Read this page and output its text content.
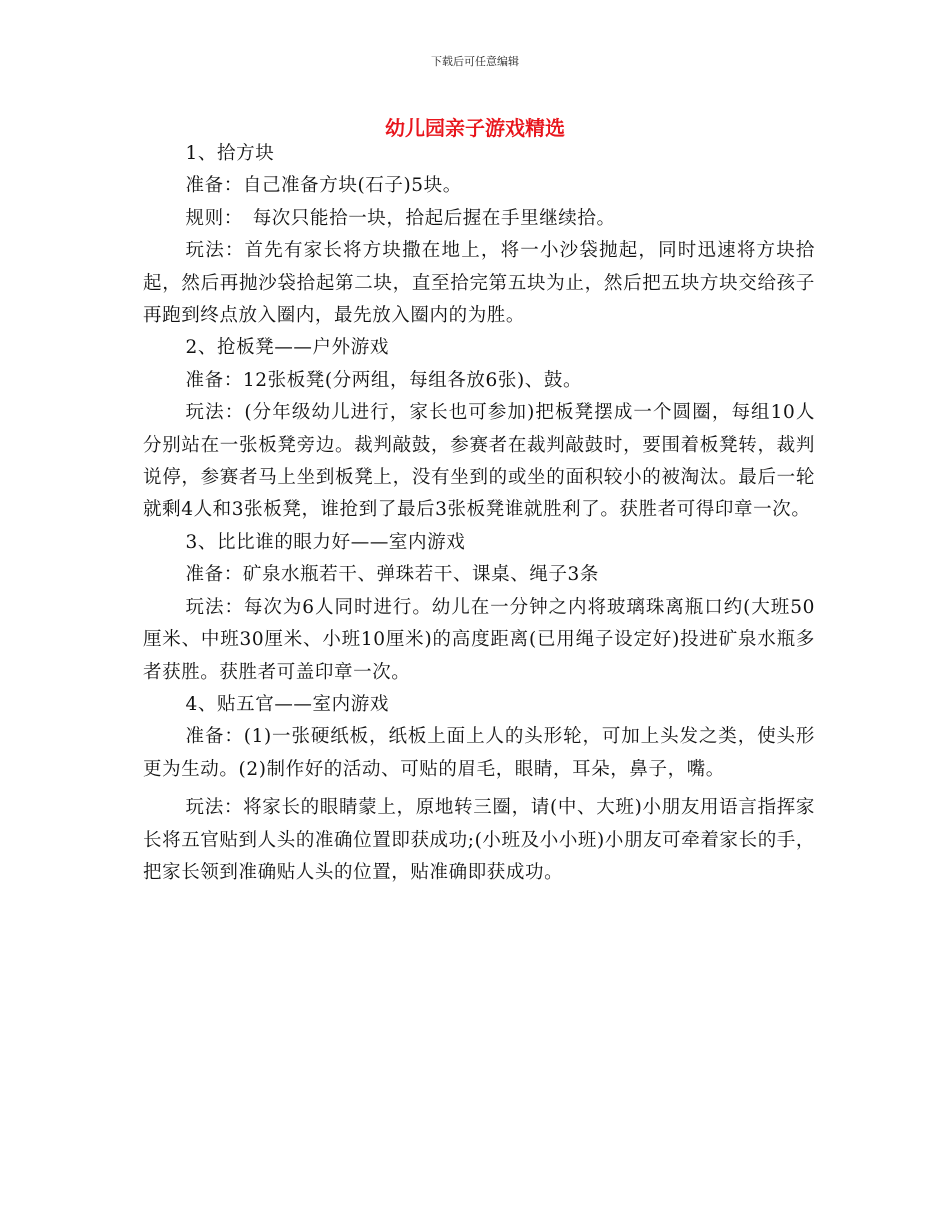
下载后可任意编辑
幼儿园亲子游戏精选

1、拾方块

准备：自己准备方块(石子)5块。

规则：　每次只能拾一块，拾起后握在手里继续拾。

玩法：首先有家长将方块撒在地上，将一小沙袋抛起，同时迅速将方块拾起，然后再抛沙袋拾起第二块，直至拾完第五块为止，然后把五块方块交给孩子再跑到终点放入圈内，最先放入圈内的为胜。

2、抢板凳——户外游戏

准备：12张板凳(分两组，每组各放6张)、鼓。

玩法：(分年级幼儿进行，家长也可参加)把板凳摆成一个圆圈，每组10人分别站在一张板凳旁边。裁判敲鼓，参赛者在裁判敲鼓时，要围着板凳转，裁判说停，参赛者马上坐到板凳上，没有坐到的或坐的面积较小的被淘汰。最后一轮就剩4人和3张板凳，谁抢到了最后3张板凳谁就胜利了。获胜者可得印章一次。

3、比比谁的眼力好——室内游戏

准备：矿泉水瓶若干、弹珠若干、课桌、绳子3条

玩法：每次为6人同时进行。幼儿在一分钟之内将玻璃珠离瓶口约(大班50厘米、中班30厘米、小班10厘米)的高度距离(已用绳子设定好)投进矿泉水瓶多者获胜。获胜者可盖印章一次。

4、贴五官——室内游戏

准备：(1)一张硬纸板，纸板上面上人的头形轮，可加上头发之类，使头形更为生动。(2)制作好的活动、可贴的眉毛，眼睛，耳朵，鼻子，嘴。

玩法：将家长的眼睛蒙上，原地转三圈，请(中、大班)小朋友用语言指挥家长将五官贴到人头的准确位置即获成功;(小班及小小班)小朋友可牵着家长的手，把家长领到准确贴人头的位置，贴准确即获成功。
